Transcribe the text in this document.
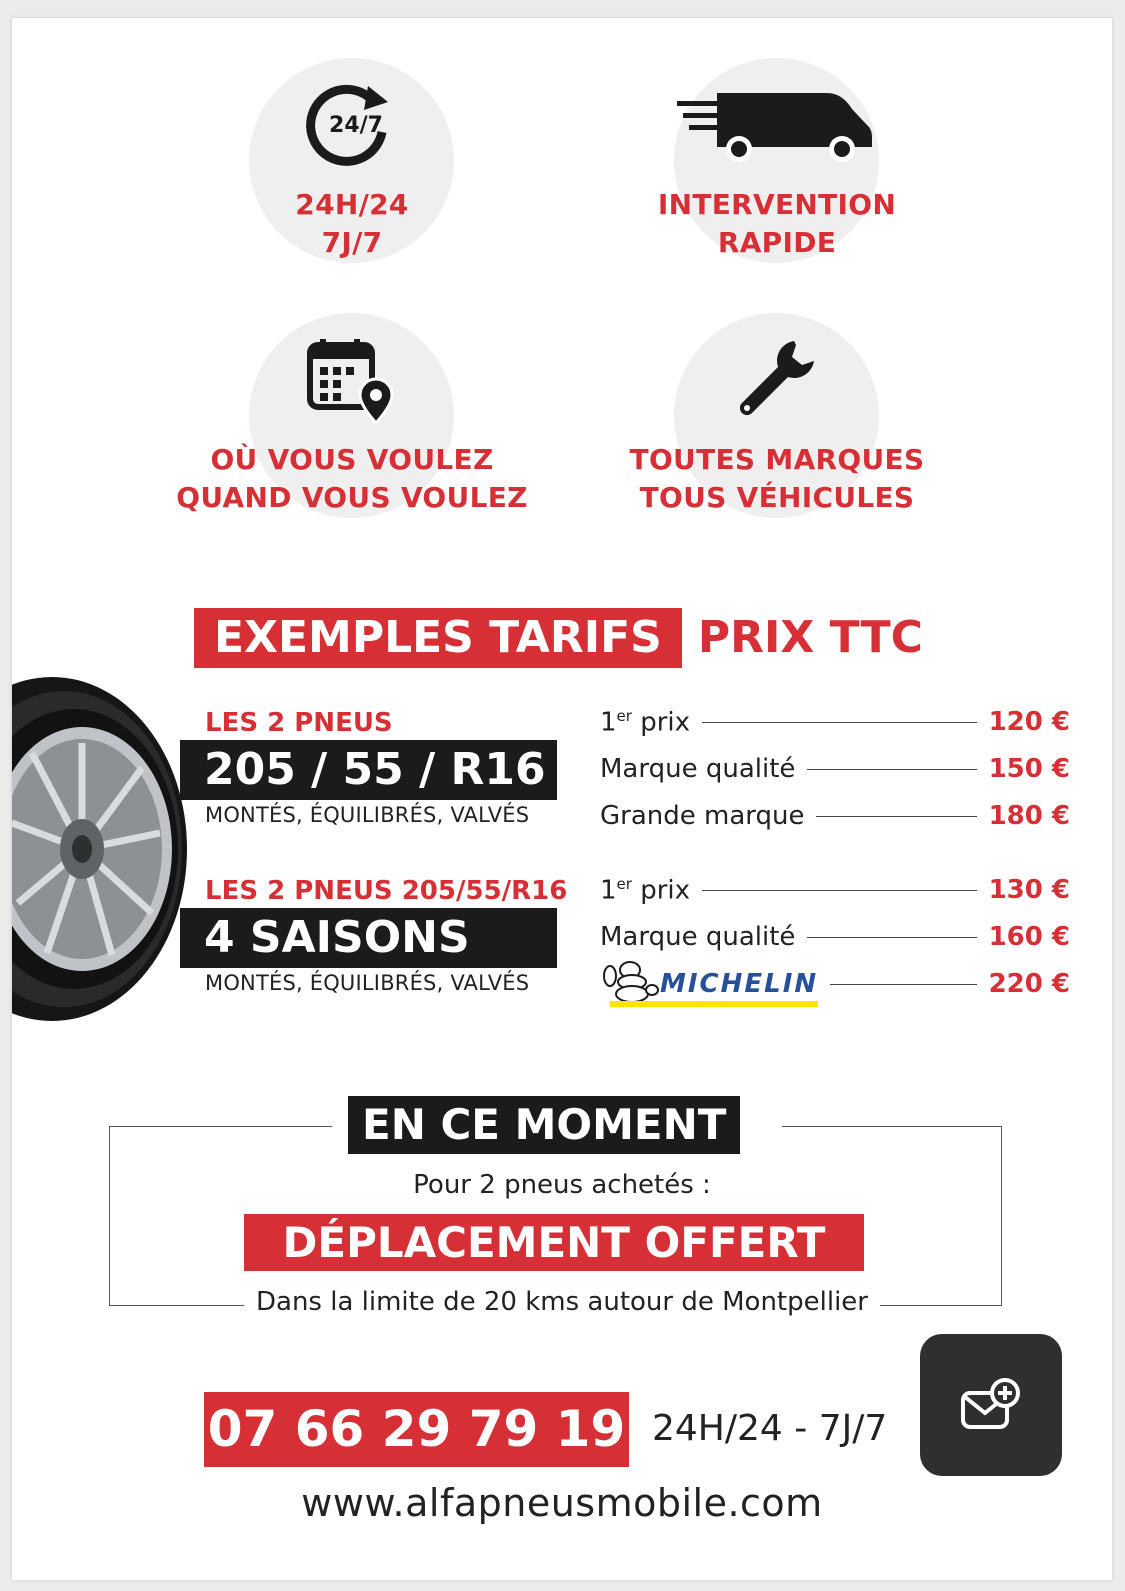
24/7
24H/24
7J/7
INTERVENTION
RAPIDE
OÙ VOUS VOULEZ
QUAND VOUS VOULEZ
TOUTES MARQUES
TOUS VÉHICULES
EXEMPLES TARIFS PRIX TTC
LES 2 PNEUS
205 / 55 / R16
MONTÉS, ÉQUILIBRÉS, VALVÉS
1er prix	120 €
Marque qualité	150 €
Grande marque	180 €
LES 2 PNEUS 205/55/R16
4 SAISONS
MONTÉS, ÉQUILIBRÉS, VALVÉS
1er prix	130 €
Marque qualité	160 €
MICHELIN	220 €
EN CE MOMENT
Pour 2 pneus achetés :
DÉPLACEMENT OFFERT
Dans la limite de 20 kms autour de Montpellier
07 66 29 79 19 24H/24 - 7J/7
www.alfapneusmobile.com
